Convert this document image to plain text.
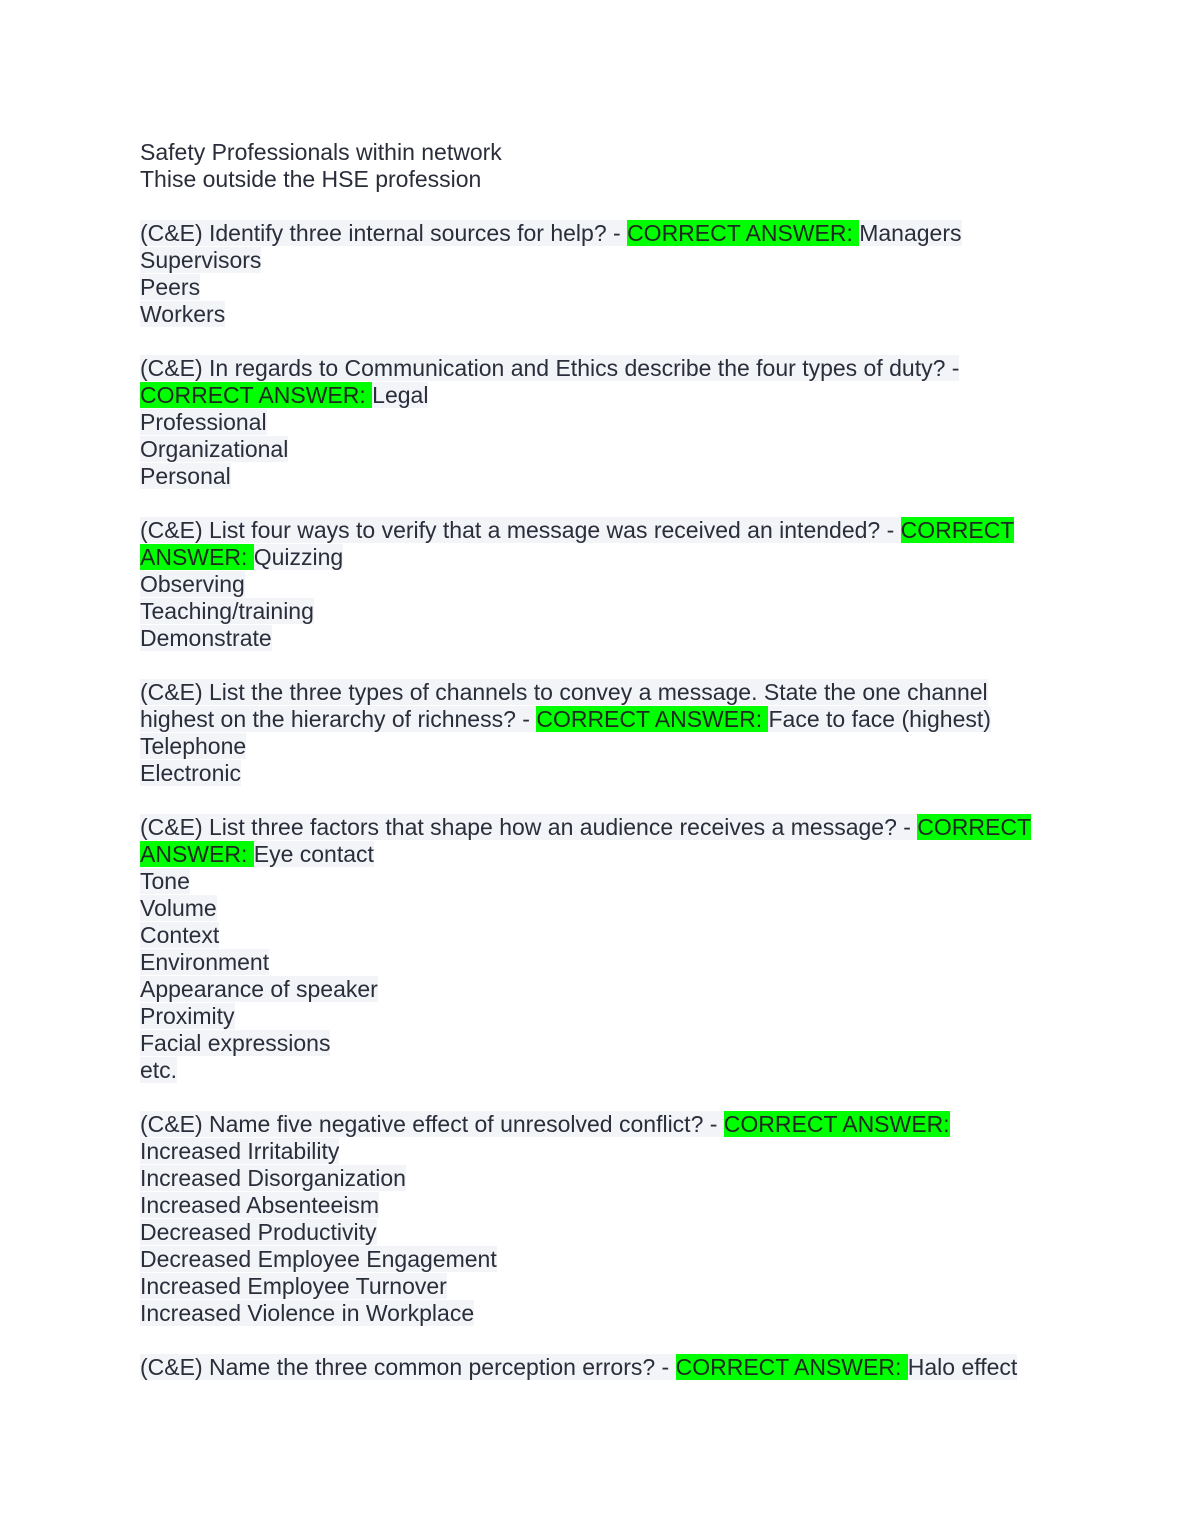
Safety Professionals within network
Thise outside the HSE profession
(C&E) Identify three internal sources for help? - CORRECT ANSWER: Managers
Supervisors
Peers
Workers
(C&E) In regards to Communication and Ethics describe the four types of duty? -
CORRECT ANSWER: Legal
Professional
Organizational
Personal
(C&E) List four ways to verify that a message was received an intended? - CORRECT
ANSWER: Quizzing
Observing
Teaching/training
Demonstrate
(C&E) List the three types of channels to convey a message. State the one channel
highest on the hierarchy of richness? - CORRECT ANSWER: Face to face (highest)
Telephone
Electronic
(C&E) List three factors that shape how an audience receives a message? - CORRECT
ANSWER: Eye contact
Tone
Volume
Context
Environment
Appearance of speaker
Proximity
Facial expressions
etc.
(C&E) Name five negative effect of unresolved conflict? - CORRECT ANSWER:
Increased Irritability
Increased Disorganization
Increased Absenteeism
Decreased Productivity
Decreased Employee Engagement
Increased Employee Turnover
Increased Violence in Workplace
(C&E) Name the three common perception errors? - CORRECT ANSWER: Halo effect
